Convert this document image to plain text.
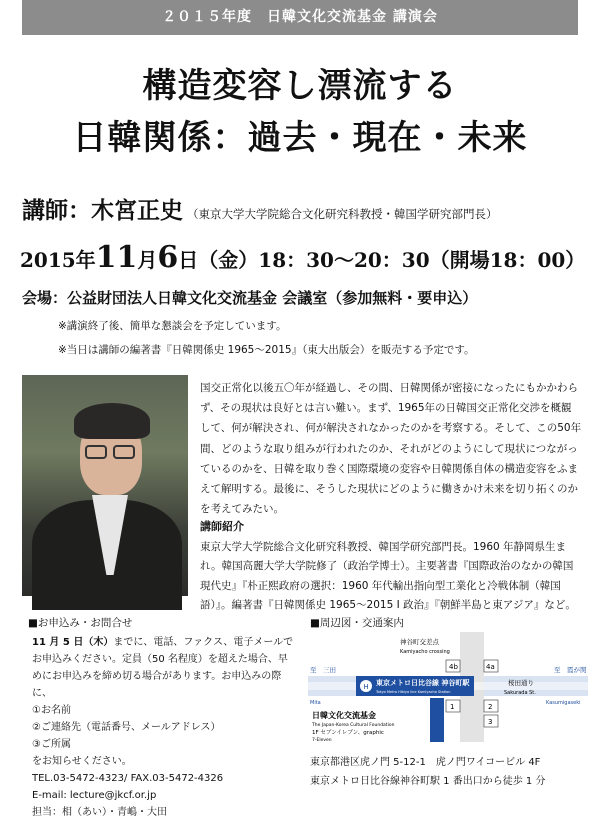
２０１５年度　日韓文化交流基金 講演会
構造変容し漂流する
日韓関係：過去・現在・未来
講師：木宮正史 （東京大学大学院総合文化研究科教授・韓国学研究部門長）
2015年11月6日（金）18：30〜20：30（開場18：00）
会場：公益財団法人日韓文化交流基金 会議室（参加無料・要申込）
※講演終了後、簡単な懇談会を予定しています。
※当日は講師の編著書『日韓関係史 1965〜2015』（東大出版会）を販売する予定です。
国交正常化以後五〇年が経過し、その間、日韓関係が密接になったにもかかわらず、その現状は良好とは言い難い。まず、1965年の日韓国交正常化交渉を概観して、何が解決され、何が解決されなかったのかを考察する。そして、この50年間、どのような取り組みが行われたのか、それがどのようにして現状につながっているのかを、日韓を取り巻く国際環境の変容や日韓関係自体の構造変容をふまえて解明する。最後に、そうした現状にどのように働きかけ未来を切り拓くのかを考えてみたい。
講師紹介
東京大学大学院総合文化研究科教授、韓国学研究部門長。1960 年静岡県生まれ。韓国高麗大学大学院修了（政治学博士）。主要著書『国際政治のなかの韓国現代史』『朴正熙政府の選択：1960 年代輸出指向型工業化と冷戦体制（韓国語）』。編著書『日韓関係史 1965〜2015 I 政治』『朝鮮半島と東アジア』など。
■お申込み・お問合せ
11 月 5 日（木）までに、電話、ファクス、電子メールでお申込みください。定員（50 名程度）を超えた場合、早めにお申込みを締め切る場合があります。お申込みの際に、
①お名前
②ご連絡先（電話番号、メールアドレス）
③ご所属
をお知らせください。
TEL.03-5472-4323/ FAX.03-5472-4326
E-mail: lecture@jkcf.or.jp
担当：相（あい）・青嶋・大田
■周辺図・交通案内
H 東京メトロ日比谷線 神谷町駅
Tokyo Metro Hibiya line Kamiyacho Station
神谷町交差点
Kamiyacho crossing
4b	4a
1	2
3
至　三田
Mita
至　霞が関
Kasumigaseki
桜田通り
Sakurada St.
日韓文化交流基金
The Japan-Korea Cultural Foundation
1F セブンイレブン、graphic
7-Eleven
東京都港区虎ノ門 5-12-1　虎ノ門ワイコービル 4F
東京メトロ日比谷線神谷町駅 1 番出口から徒歩 1 分
